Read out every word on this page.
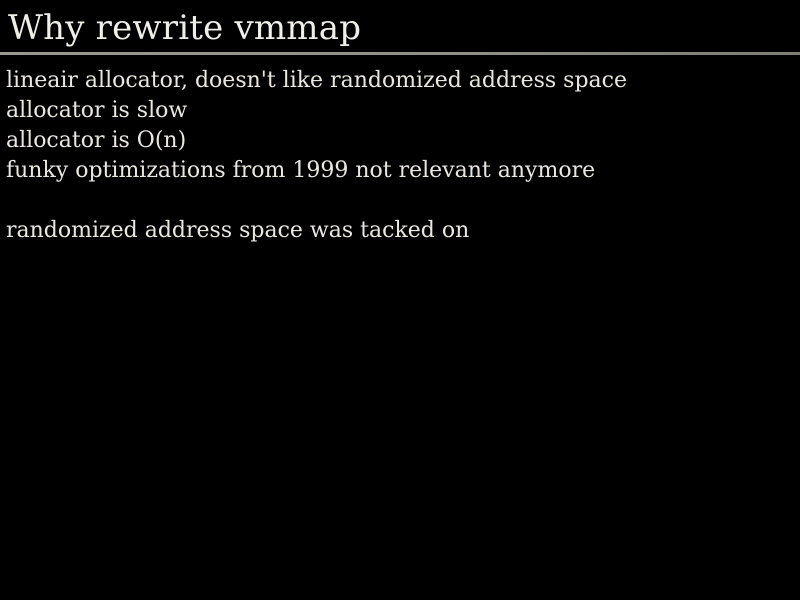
Why rewrite vmmap
lineair allocator, doesn't like randomized address space
allocator is slow
allocator is O(n)
funky optimizations from 1999 not relevant anymore
randomized address space was tacked on
